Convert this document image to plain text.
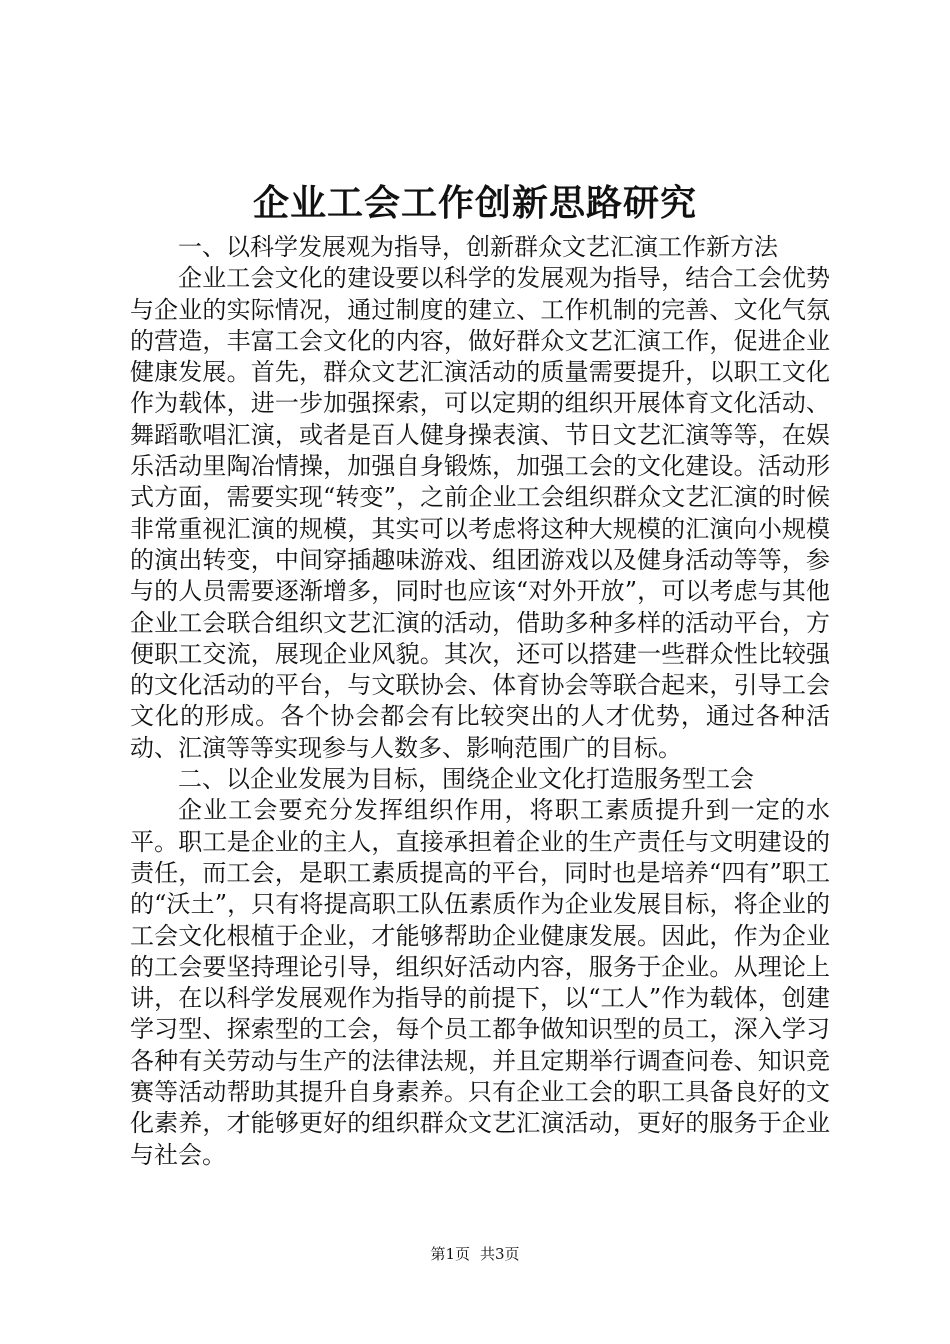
企业工会工作创新思路研究

一、以科学发展观为指导，创新群众文艺汇演工作新方法

企业工会文化的建设要以科学的发展观为指导，结合工会优势与企业的实际情况，通过制度的建立、工作机制的完善、文化气氛的营造，丰富工会文化的内容，做好群众文艺汇演工作，促进企业健康发展。首先，群众文艺汇演活动的质量需要提升，以职工文化作为载体，进一步加强探索，可以定期的组织开展体育文化活动、舞蹈歌唱汇演，或者是百人健身操表演、节日文艺汇演等等，在娱乐活动里陶冶情操，加强自身锻炼，加强工会的文化建设。活动形式方面，需要实现“转变”，之前企业工会组织群众文艺汇演的时候非常重视汇演的规模，其实可以考虑将这种大规模的汇演向小规模的演出转变，中间穿插趣味游戏、组团游戏以及健身活动等等，参与的人员需要逐渐增多，同时也应该“对外开放”，可以考虑与其他企业工会联合组织文艺汇演的活动，借助多种多样的活动平台，方便职工交流，展现企业风貌。其次，还可以搭建一些群众性比较强的文化活动的平台，与文联协会、体育协会等联合起来，引导工会文化的形成。各个协会都会有比较突出的人才优势，通过各种活动、汇演等等实现参与人数多、影响范围广的目标。

二、以企业发展为目标，围绕企业文化打造服务型工会

企业工会要充分发挥组织作用，将职工素质提升到一定的水平。职工是企业的主人，直接承担着企业的生产责任与文明建设的责任，而工会，是职工素质提高的平台，同时也是培养“四有”职工的“沃土”，只有将提高职工队伍素质作为企业发展目标，将企业的工会文化根植于企业，才能够帮助企业健康发展。因此，作为企业的工会要坚持理论引导，组织好活动内容，服务于企业。从理论上讲，在以科学发展观作为指导的前提下，以“工人”作为载体，创建学习型、探索型的工会，每个员工都争做知识型的员工，深入学习各种有关劳动与生产的法律法规，并且定期举行调查问卷、知识竞赛等活动帮助其提升自身素养。只有企业工会的职工具备良好的文化素养，才能够更好的组织群众文艺汇演活动，更好的服务于企业与社会。

第1页 共3页
